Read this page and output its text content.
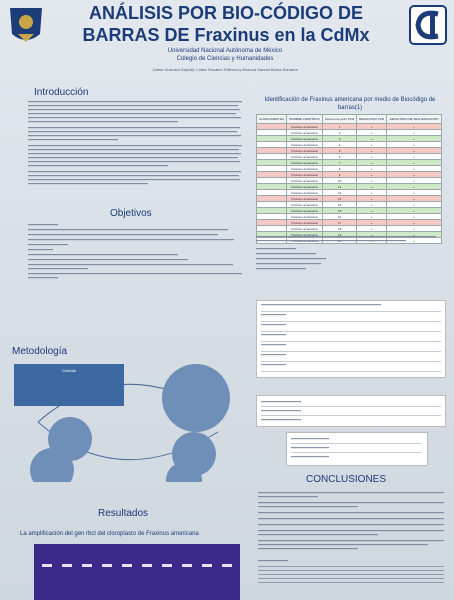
ANÁLISIS POR BIO-CÓDIGO DE BARRAS DE Fraxinus en la CdMx
Universidad Nacional Autónoma de México
Colegio de Ciencias y Humanidades
Zuleia Guevara Sayrolli, Lídice Rosales Tellenca y Brianna Sandal Barea Sariama
Introducción
Objetivos
Identificación de Fraxinus americana por medio de Biocódigo de barras(1)
CLAVE MUESTRA	NOMBRE CIENTÍFICO	Número de pozo PCR	RESULTADO PCR	RESULTADO DE SECUENCIACIÓN
	Fraxinus americana	1	+	+
	Fraxinus americana	2	+	+
	Fraxinus americana	3	+	+
	Fraxinus americana	4	+	+
	Fraxinus americana	5	+	+
	Fraxinus americana	6	+	+
	Fraxinus americana	7	+	+
	Fraxinus americana	8	+	+
	Fraxinus americana	9	+	+
	Fraxinus americana	10	+	+
	Fraxinus americana	11	+	+
	Fraxinus americana	12	+	+
	Fraxinus americana	13	+	+
	Fraxinus americana	14	+	+
	Fraxinus americana	15	+	+
	Fraxinus americana	16	+	+
	Fraxinus americana	17	+	+
	Fraxinus americana	18	+	+
	Fraxinus americana	19	+	+
				+
Metodología
Colecta
Resultados
La amplificación del gen rbcl del cloroplasto de Fraxinus americana
CONCLUSIONES
